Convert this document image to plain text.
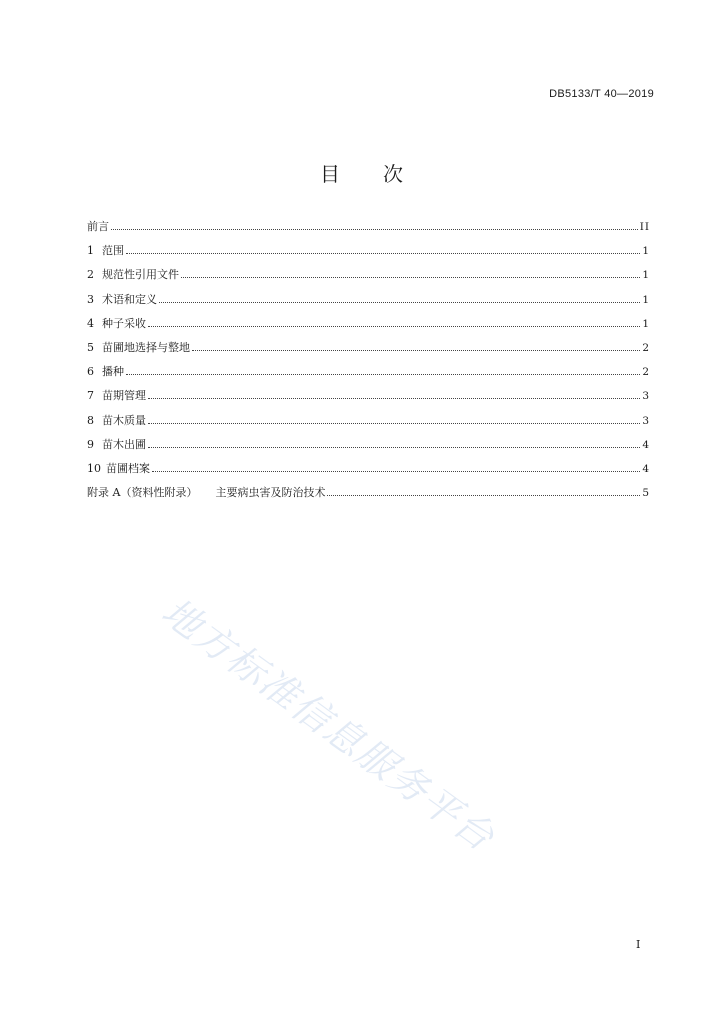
DB5133/T 40—2019
目　　次
前言	II
1 范围	1
2 规范性引用文件	1
3 术语和定义	1
4 种子采收	1
5 苗圃地选择与整地	2
6 播种	2
7 苗期管理	3
8 苗木质量	3
9 苗木出圃	4
10 苗圃档案	4
附录 A（资料性附录） 主要病虫害及防治技术	5
地方标准信息服务平台
I
